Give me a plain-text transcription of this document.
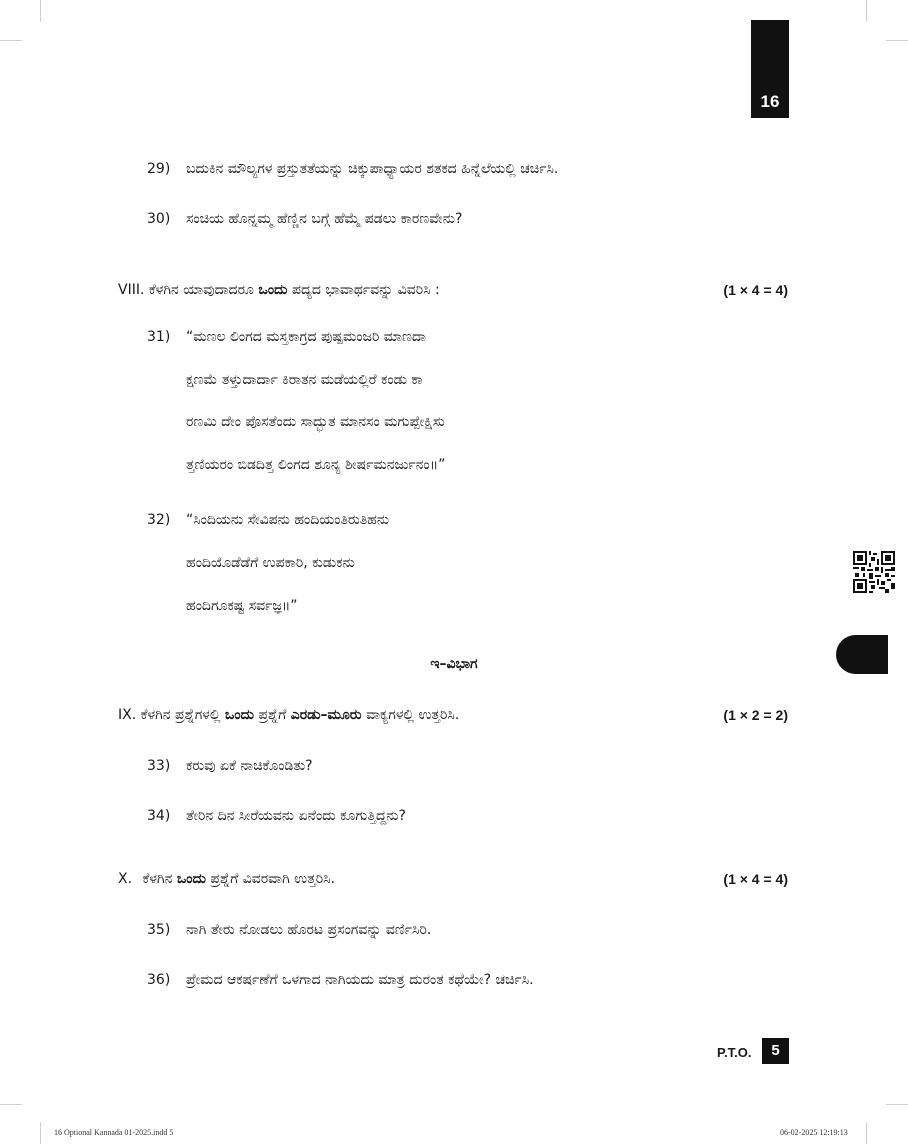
16
29) ಬದುಕಿನ ಮೌಲ್ಯಗಳ ಪ್ರಸ್ತುತತೆಯನ್ನು ಚಿಕ್ಕುಪಾಧ್ಯಾಯರ ಶತಕದ ಹಿನ್ನೆಲೆಯಲ್ಲಿ ಚರ್ಚಿಸಿ.
30) ಸಂಚಿಯ ಹೊನ್ನಮ್ಮ ಹೆಣ್ಣಿನ ಬಗ್ಗೆ ಹೆಮ್ಮೆ ಪಡಲು ಕಾರಣವೇನು?
VIII. ಕೆಳಗಿನ ಯಾವುದಾದರೂ ಒಂದು ಪದ್ಯದ ಭಾವಾರ್ಥವನ್ನು ವಿವರಿಸಿ :	(1 × 4 = 4)
31) “ಮಣಲ ಲಿಂಗದ ಮಸ್ತಕಾಗ್ರದ ಪುಷ್ಪಮಂಜರಿ ಮಾಣದಾ
ಕ್ಷಣಮೆ ತಳ್ತುದಾರ್ದಾ ಕಿರಾತನ ಮಡೆಯಲ್ಲಿರೆ ಕಂಡು ಕಾ
ರಣಮಿ ದೇಂ ಪೊಸತೆಂದು ಸಾದ್ಭುತ ಮಾನಸಂ ಮಗುಪ್ಪೇಕ್ಷಿಸು
ತ್ತಣಿಯರಂ ಬಿಡದಿತ್ತ ಲಿಂಗದ ಶೂನ್ಯ ಶೀರ್ಷಮನರ್ಜುನಂ॥”
32) “ಸಿಂದಿಯನು ಸೇವಿಪನು ಹಂದಿಯಂತಿರುತಿಹನು
ಹಂದಿಯೊಡೆಡೆಗೆ ಉಪಕಾರಿ, ಕುಡುಕನು
ಹಂದಿಗೂಕಷ್ಟ ಸರ್ವಜ್ಞ॥”
ಇ–ವಿಭಾಗ
IX. ಕೆಳಗಿನ ಪ್ರಶ್ನೆಗಳಲ್ಲಿ ಒಂದು ಪ್ರಶ್ನೆಗೆ ಎರಡು–ಮೂರು ವಾಕ್ಯಗಳಲ್ಲಿ ಉತ್ತರಿಸಿ.	(1 × 2 = 2)
33) ಕರುವು ಏಕೆ ನಾಚಿಕೊಂಡಿತು?
34) ತೇರಿನ ದಿನ ಸೀರೆಯವನು ಏನೆಂದು ಕೂಗುತ್ತಿದ್ದನು?
X. ಕೆಳಗಿನ ಒಂದು ಪ್ರಶ್ನೆಗೆ ವಿವರವಾಗಿ ಉತ್ತರಿಸಿ.	(1 × 4 = 4)
35) ನಾಗಿ ತೇರು ನೋಡಲು ಹೊರಟ ಪ್ರಸಂಗವನ್ನು ವರ್ಣಿಸಿರಿ.
36) ಪ್ರೇಮದ ಆಕರ್ಷಣೆಗೆ ಒಳಗಾದ ನಾಗಿಯದು ಮಾತ್ರ ದುರಂತ ಕಥೆಯೇ? ಚರ್ಚಿಸಿ.
P.T.O.	5
16 Optional Kannada 01-2025.indd 5	06-02-2025 12:19:13
